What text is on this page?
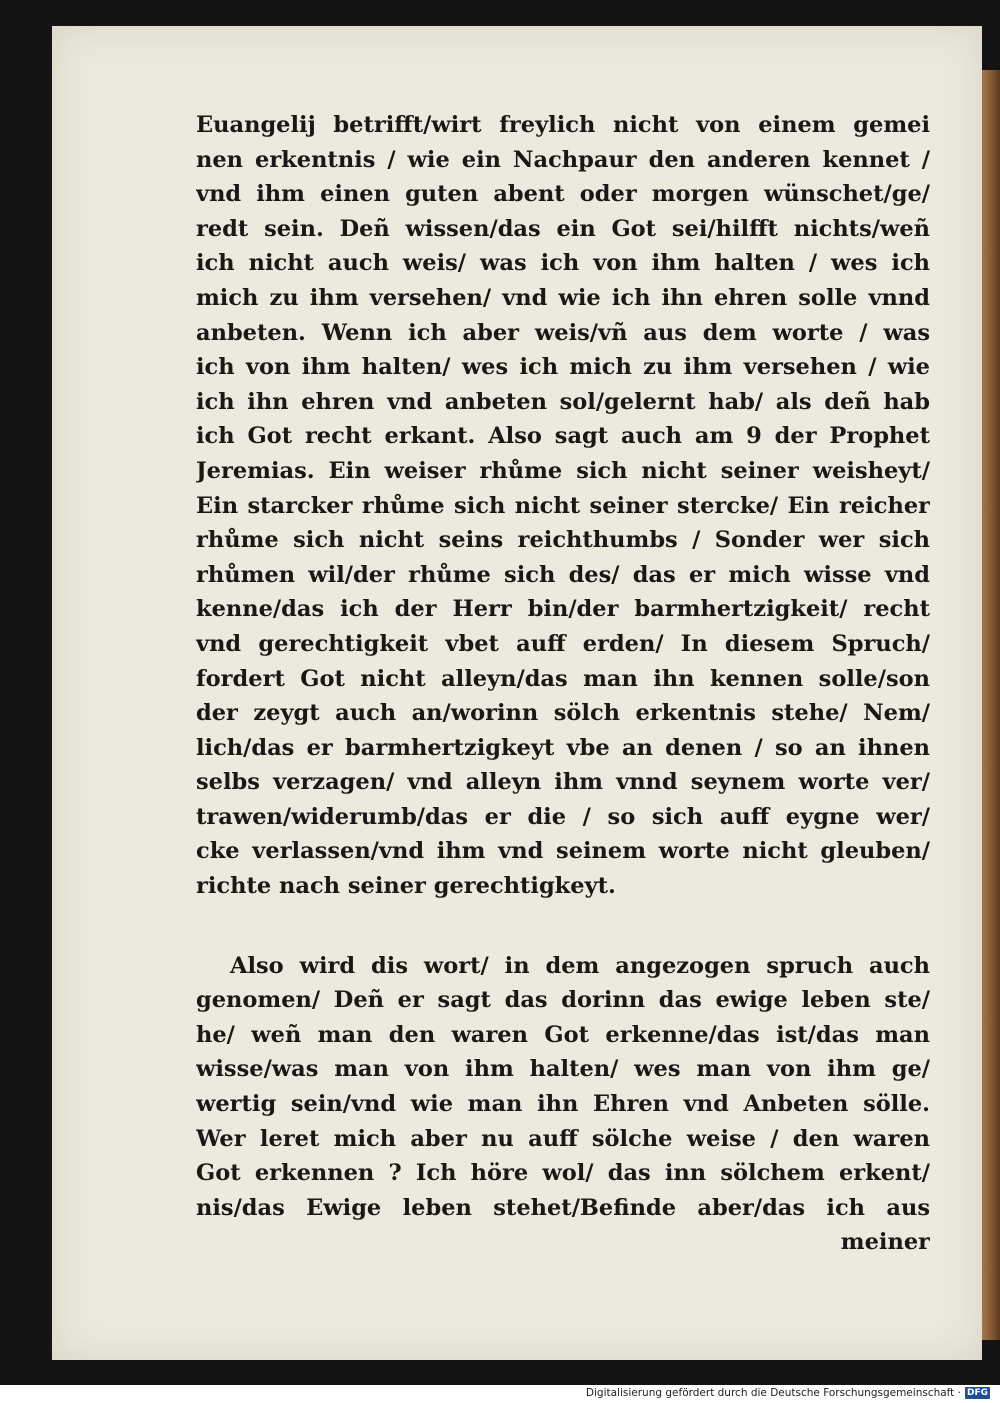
Euangelij betrifft/wirt freylich nicht von einem gemei
nen erkentnis / wie ein Nachpaur den anderen kennet /
vnd ihm einen guten abent oder morgen wünschet/ge/
redt sein. Deñ wissen/das ein Got sei/hilfft nichts/weñ
ich nicht auch weis/ was ich von ihm halten / wes ich
mich zu ihm versehen/ vnd wie ich ihn ehren solle vnnd
anbeten. Wenn ich aber weis/vñ aus dem worte / was
ich von ihm halten/ wes ich mich zu ihm versehen / wie
ich ihn ehren vnd anbeten sol/gelernt hab/ als deñ hab
ich Got recht erkant. Also sagt auch am 9 der Prophet
Jeremias. Ein weiser rhůme sich nicht seiner weisheyt/
Ein starcker rhůme sich nicht seiner stercke/ Ein reicher
rhůme sich nicht seins reichthumbs / Sonder wer sich
rhůmen wil/der rhůme sich des/ das er mich wisse vnd
kenne/das ich der Herr bin/der barmhertzigkeit/ recht
vnd gerechtigkeit vbet auff erden/ In diesem Spruch/
fordert Got nicht alleyn/das man ihn kennen solle/son
der zeygt auch an/worinn sölch erkentnis stehe/ Nem/
lich/das er barmhertzigkeyt vbe an denen / so an ihnen
selbs verzagen/ vnd alleyn ihm vnnd seynem worte ver/
trawen/widerumb/das er die / so sich auff eygne wer/
cke verlassen/vnd ihm vnd seinem worte nicht gleuben/
richte nach seiner gerechtigkeyt.
Also wird dis wort/ in dem angezogen spruch auch
genomen/ Deñ er sagt das dorinn das ewige leben ste/
he/ weñ man den waren Got erkenne/das ist/das man
wisse/was man von ihm halten/ wes man von ihm ge/
wertig sein/vnd wie man ihn Ehren vnd Anbeten sölle.
Wer leret mich aber nu auff sölche weise / den waren
Got erkennen ? Ich höre wol/ das inn sölchem erkent/
nis/das Ewige leben stehet/Befinde aber/das ich aus
meiner
Digitalisierung gefördert durch die Deutsche Forschungsgemeinschaft · DFG
